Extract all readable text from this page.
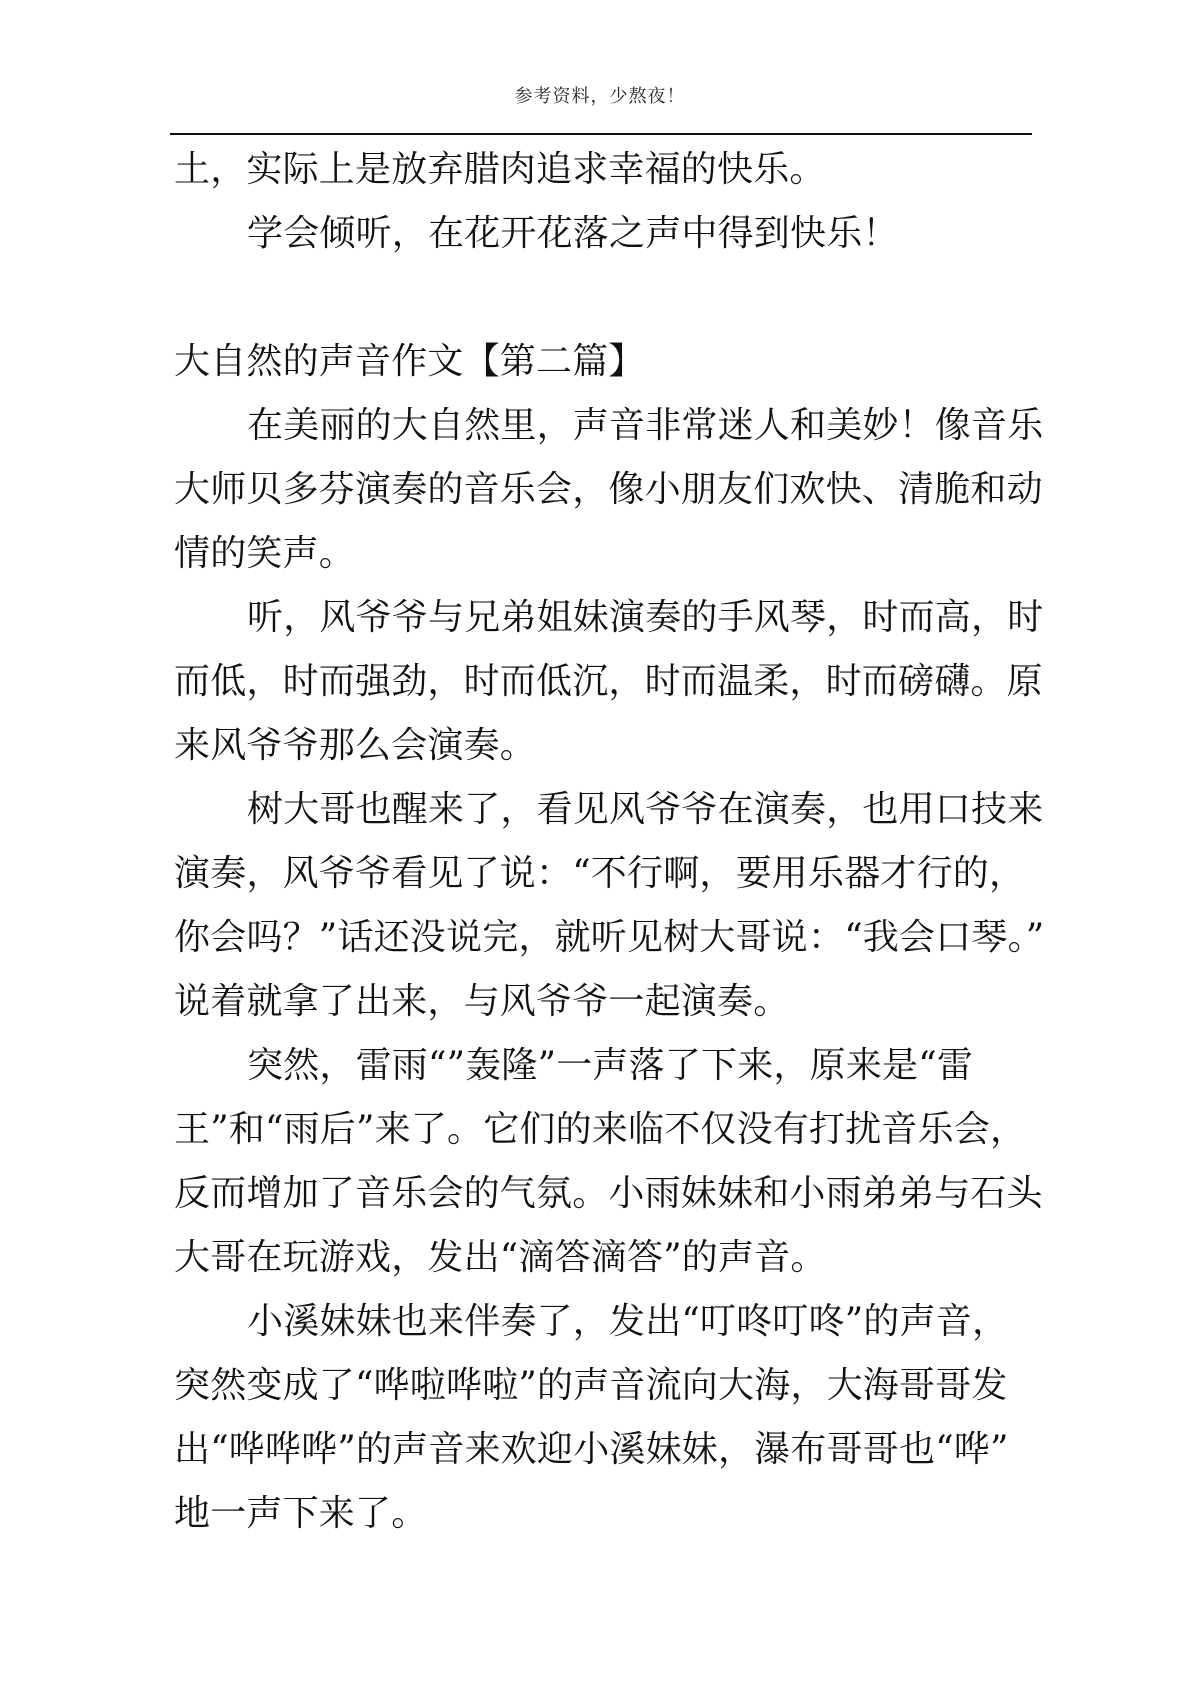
参考资料，少熬夜！
土，实际上是放弃腊肉追求幸福的快乐。
学会倾听，在花开花落之声中得到快乐！
大自然的声音作文【第二篇】
在美丽的大自然里，声音非常迷人和美妙！像音乐
大师贝多芬演奏的音乐会，像小朋友们欢快、清脆和动
情的笑声。
听，风爷爷与兄弟姐妹演奏的手风琴，时而高，时
而低，时而强劲，时而低沉，时而温柔，时而磅礴。原
来风爷爷那么会演奏。
树大哥也醒来了，看见风爷爷在演奏，也用口技来
演奏，风爷爷看见了说：“不行啊，要用乐器才行的，
你会吗？”话还没说完，就听见树大哥说：“我会口琴。”
说着就拿了出来，与风爷爷一起演奏。
突然，雷雨“”轰隆”一声落了下来，原来是“雷
王”和“雨后”来了。它们的来临不仅没有打扰音乐会，
反而增加了音乐会的气氛。小雨妹妹和小雨弟弟与石头
大哥在玩游戏，发出“滴答滴答”的声音。
小溪妹妹也来伴奏了，发出“叮咚叮咚”的声音，
突然变成了“哗啦哗啦”的声音流向大海，大海哥哥发
出“哗哗哗”的声音来欢迎小溪妹妹，瀑布哥哥也“哗”
地一声下来了。
